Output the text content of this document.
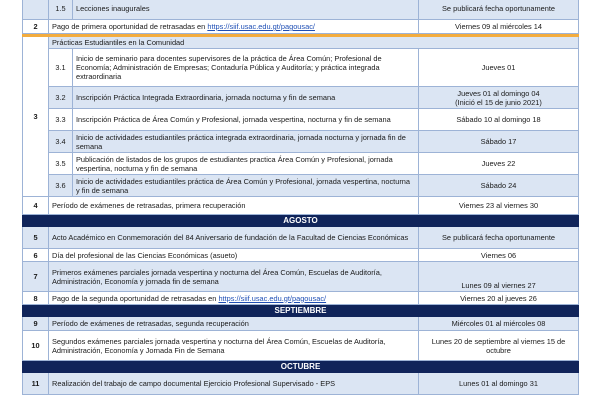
	1.5	Lecciones inaugurales	Se publicará fecha oportunamente
2	Pago de primera oportunidad de retrasadas en https://siif.usac.edu.gt/pagousac/		Viernes 09 al miércoles 14

3	Prácticas Estudiantiles en la Comunidad		
	3.1	Inicio de seminario para docentes supervisores de la práctica de Área Común; Profesional de Economía; Administración de Empresas; Contaduría Pública y Auditoría; y práctica integrada extraordinaria	Jueves 01
	3.2	Inscripción Práctica Integrada Extraordinaria, jornada nocturna y fin de semana	Jueves 01 al domingo 04
(Inició el 15 de junio 2021)

	3.3	Inscripción Práctica de Área Común y Profesional, jornada vespertina, nocturna y fin de semana	Sábado 10 al domingo 18
	3.4	Inicio de actividades estudiantiles práctica integrada extraordinaria, jornada nocturna y jornada fin de semana	Sábado 17
	3.5	Publicación de listados de los grupos de estudiantes practica Área Común y Profesional, jornada vespertina, nocturna y fin de semana	Jueves 22
	3.6	Inicio de actividades estudiantiles práctica de Área Común y Profesional, jornada vespertina, nocturna y fin de semana	Sábado 24
4	Período de exámenes de retrasadas, primera recuperación		Viernes 23 al viernes 30
AGOSTO			
5	Acto Académico en Conmemoración del 84 Aniversario de fundación de la Facultad de Ciencias Económicas		Se publicará fecha oportunamente
6	Día del profesional de las Ciencias Económicas (asueto)		Viernes 06
7	Primeros exámenes parciales jornada vespertina y nocturna del Área Común, Escuelas de Auditoría, Administración, Economía y jornada fin de semana		Lunes 09 al viernes 27
8	Pago de la segunda oportunidad de retrasadas en https://siif.usac.edu.gt/pagousac/		Viernes 20 al jueves 26
SEPTIEMBRE			
9	Período de exámenes de retrasadas, segunda recuperación		Miércoles 01 al miércoles 08
10	Segundos exámenes parciales jornada vespertina y nocturna del Área Común, Escuelas de Auditoría, Administración, Economía y Jornada Fin de Semana		Lunes 20 de septiembre al viernes 15 de octubre
OCTUBRE			
11	Realización del trabajo de campo documental Ejercicio Profesional Supervisado - EPS		Lunes 01 al domingo 31
